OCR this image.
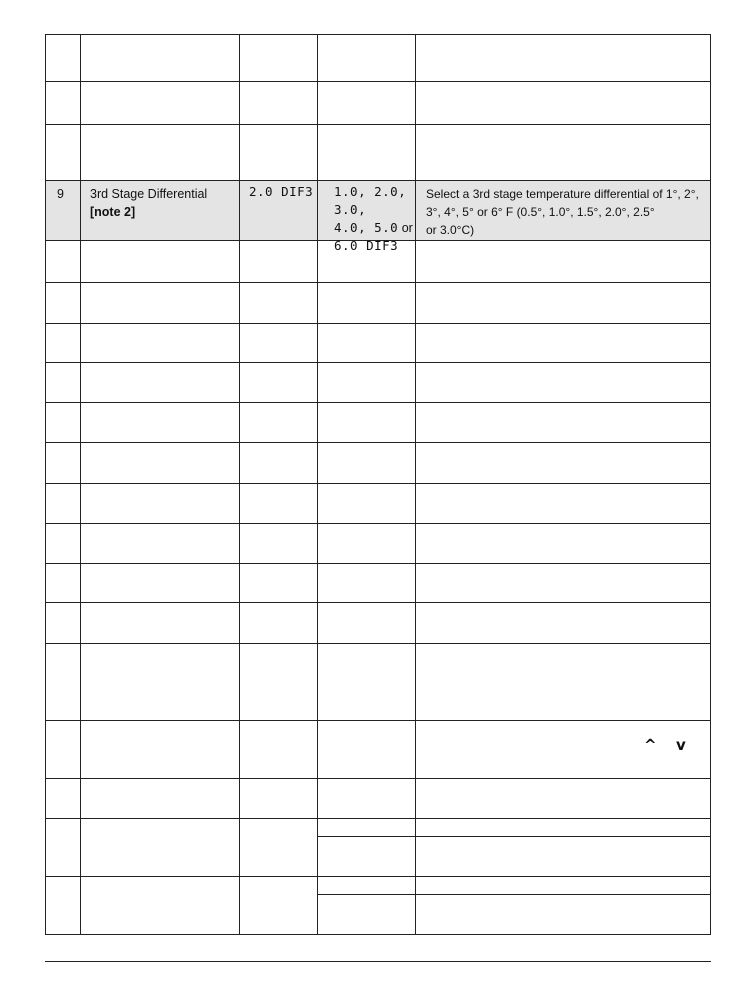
9 3rd Stage Differential
[note 2]
2.0 DIF3 1.0, 2.0, 3.0,
4.0, 5.0 or
6.0 DIF3
Select a 3rd stage temperature differential of 1°, 2°,
3°, 4°, 5° or 6° F (0.5°, 1.0°, 1.5°, 2.0°, 2.5°
or 3.0°C)
^ v
